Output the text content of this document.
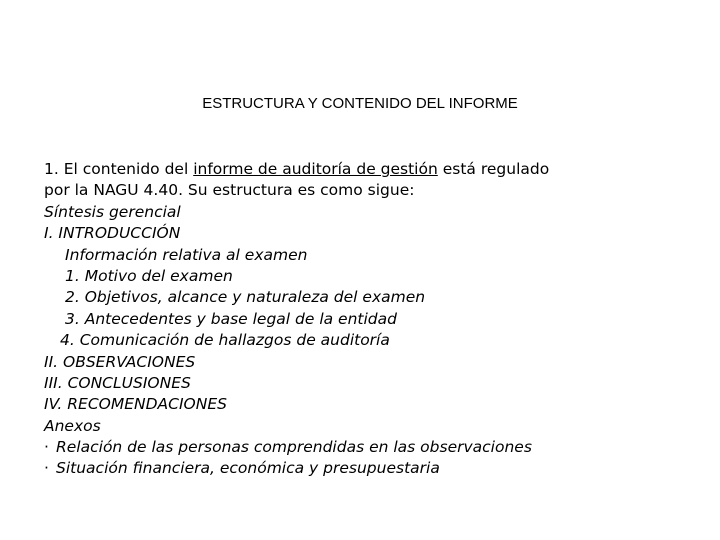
ESTRUCTURA Y CONTENIDO DEL INFORME
1. El contenido del informe de auditoría de gestión está regulado
por la NAGU 4.40. Su estructura es como sigue:
Síntesis gerencial
I. INTRODUCCIÓN
Información relativa al examen
1. Motivo del examen
2. Objetivos, alcance y naturaleza del examen
3. Antecedentes y base legal de la entidad
4. Comunicación de hallazgos de auditoría
II. OBSERVACIONES
III. CONCLUSIONES
IV. RECOMENDACIONES
Anexos
· Relación de las personas comprendidas en las observaciones
· Situación financiera, económica y presupuestaria
